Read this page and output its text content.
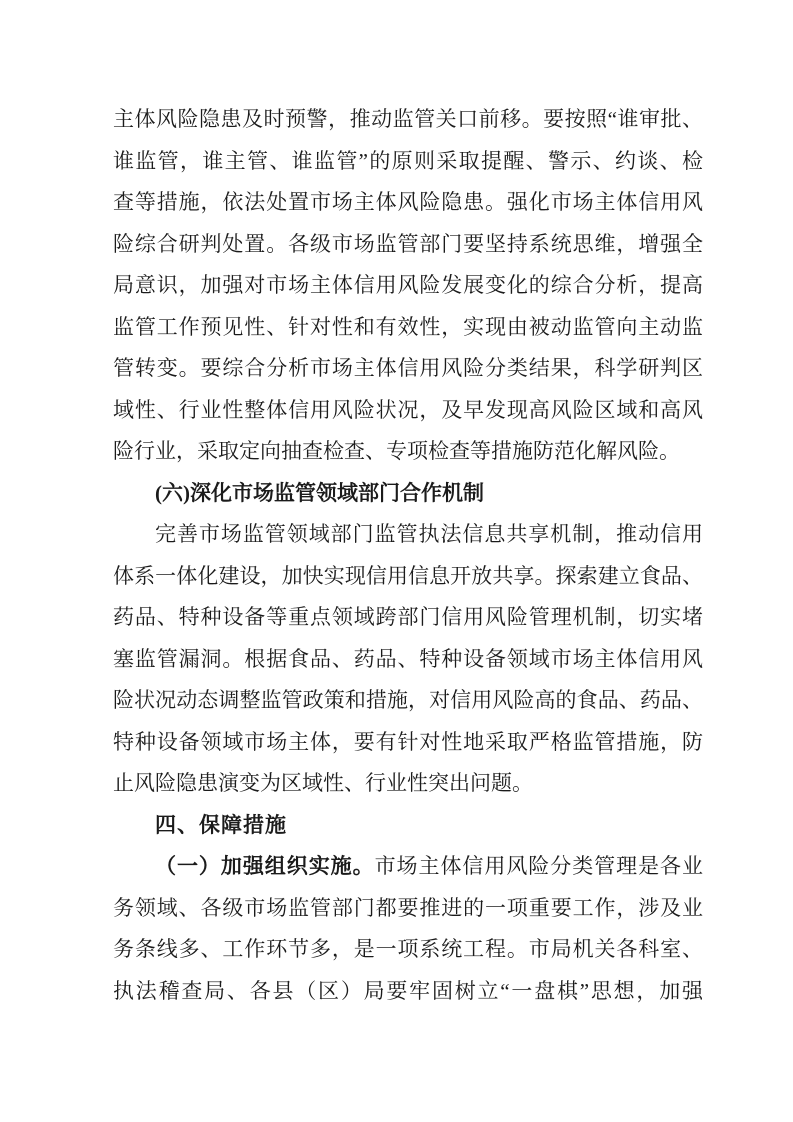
主体风险隐患及时预警，推动监管关口前移。要按照“谁审批、
谁监管，谁主管、谁监管”的原则采取提醒、警示、约谈、检
查等措施，依法处置市场主体风险隐患。强化市场主体信用风
险综合研判处置。各级市场监管部门要坚持系统思维，增强全
局意识，加强对市场主体信用风险发展变化的综合分析，提高
监管工作预见性、针对性和有效性，实现由被动监管向主动监
管转变。要综合分析市场主体信用风险分类结果，科学研判区
域性、行业性整体信用风险状况，及早发现高风险区域和高风
险行业，采取定向抽查检查、专项检查等措施防范化解风险。
(六)深化市场监管领域部门合作机制
完善市场监管领域部门监管执法信息共享机制，推动信用
体系一体化建设，加快实现信用信息开放共享。探索建立食品、
药品、特种设备等重点领域跨部门信用风险管理机制，切实堵
塞监管漏洞。根据食品、药品、特种设备领域市场主体信用风
险状况动态调整监管政策和措施，对信用风险高的食品、药品、
特种设备领域市场主体，要有针对性地采取严格监管措施，防
止风险隐患演变为区域性、行业性突出问题。
四、保障措施
（一）加强组织实施。市场主体信用风险分类管理是各业
务领域、各级市场监管部门都要推进的一项重要工作，涉及业
务条线多、工作环节多，是一项系统工程。市局机关各科室、
执法稽查局、各县（区）局要牢固树立“一盘棋”思想，加强
